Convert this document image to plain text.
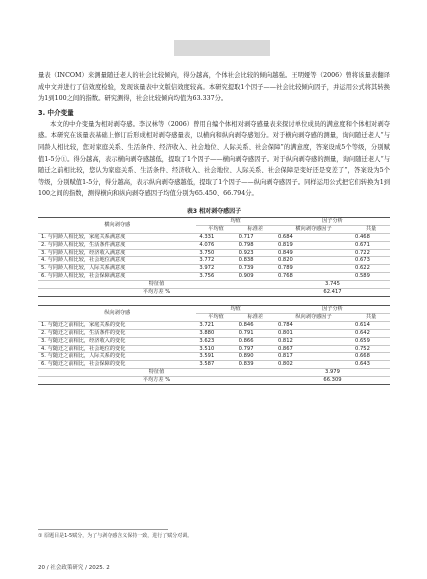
量表（INCOM）来测量随迁老人的社会比较倾向，得分越高，个体社会比较的倾向越强。王明娅等（2006）曾将该量表翻译成中文并进行了信效度检验，发现该量表中文版信效度较高。本研究提取1个因子——社会比较倾向因子，并运用公式将其转换为1到100之间的指数。研究测得，社会比较倾向均值为63.337分。

3. 中介变量

本文的中介变量为相对剥夺感。李汉林等（2006）曾用自编个体相对剥夺感量表来探讨单位成员的满意度和个体相对剥夺感。本研究在该量表基础上修订后形成相对剥夺感量表，以横向和纵向剥夺感划分。对于横向剥夺感的测量，询问随迁老人“与同龄人相比较，您对家庭关系、生活条件、经济收入、社会地位、人际关系、社会保障”的满意度，答案设成5个等级，分别赋值1-5分①。得分越高，表示横向剥夺感越低，提取了1个因子——横向剥夺感因子。对于纵向剥夺感的测量，询问随迁老人“与随迁之前相比较，您认为家庭关系、生活条件、经济收入、社会地位、人际关系、社会保障是变好还是变差了”，答案设为5个等级，分别赋值1-5分，得分越高，表示纵向剥夺感越低，提取了1个因子——纵向剥夺感因子。同样运用公式把它们转换为1到100之间的指数，测得横向和纵向剥夺感因子均值分别为65.450、66.794分。

表3 相对剥夺感因子
横向剥夺感	均值		因子分析	
	平均值	标准差	横向剥夺感因子	共量
1. 与同龄人相比较，家庭关系满意度	4.331	0.717	0.684	0.468
2. 与同龄人相比较，生活条件满意度	4.076	0.798	0.819	0.671
3. 与同龄人相比较，经济收入满意度	3.750	0.923	0.849	0.722
4. 与同龄人相比较，社会地位满意度	3.772	0.838	0.820	0.673
5. 与同龄人相比较，人际关系满意度	3.972	0.739	0.789	0.622
6. 与同龄人相比较，社会保障满意度	3.756	0.909	0.768	0.589
特征值			3.745	
平均方差 %			62.417	
纵向剥夺感	均值		因子分析	
	平均值	标准差	纵向剥夺感因子	共量
1. 与随迁之前相比，家庭关系的变化	3.721	0.846	0.784	0.614
2. 与随迁之前相比，生活条件的变化	3.880	0.791	0.801	0.642
3. 与随迁之前相比，经济收入的变化	3.623	0.866	0.812	0.659
4. 与随迁之前相比，社会地位的变化	3.510	0.797	0.867	0.752
5. 与随迁之前相比，人际关系的变化	3.591	0.890	0.817	0.668
6. 与随迁之前相比，社会保障的变化	3.587	0.839	0.802	0.643
特征值			3.979	
平均方差 %			66.309	
① 原题目是1-5赋分，为了与剥夺感含义保持一致，进行了赋分对调。
20 / 社会政策研究 / 2025. 2
